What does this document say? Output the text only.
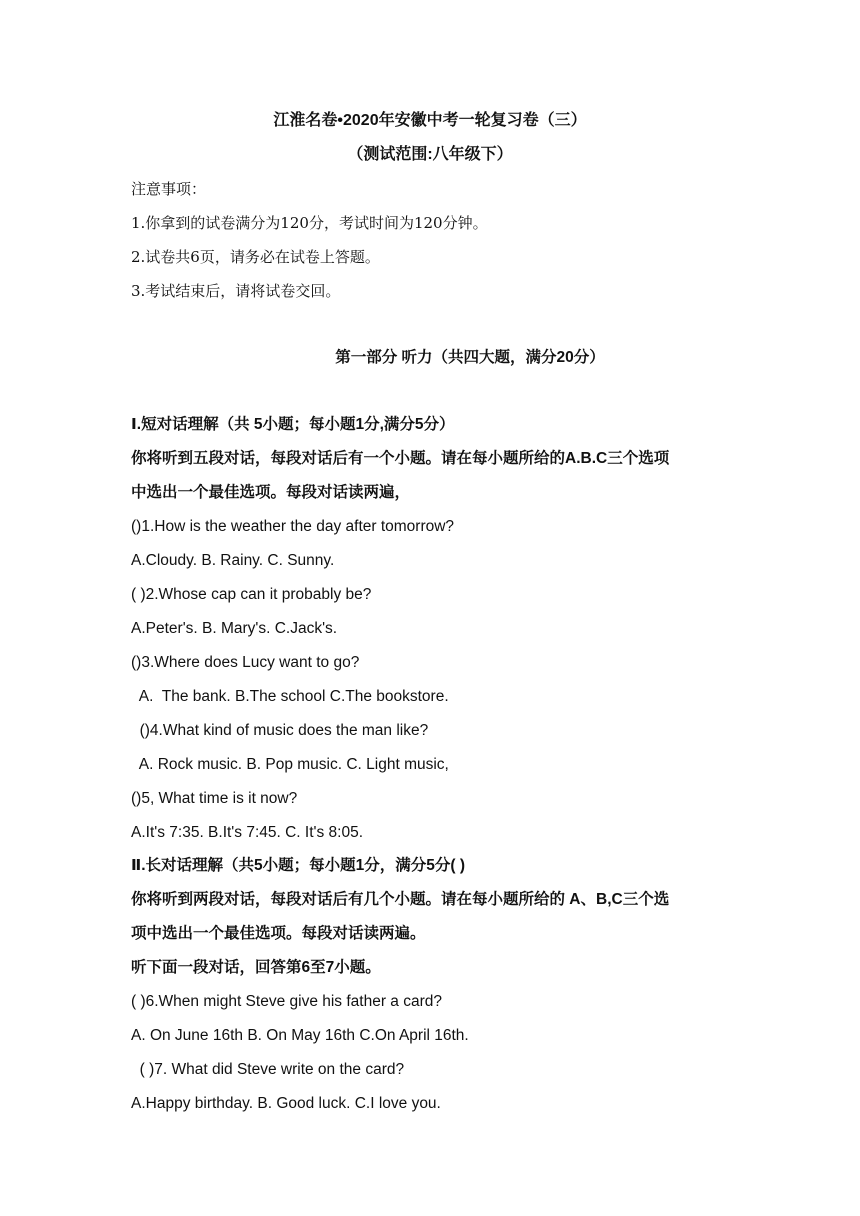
江淮名卷•2020年安徽中考一轮复习卷（三）
（测试范围:八年级下）
注意事项：
1.你拿到的试卷满分为120分，考试时间为120分钟。
2.试卷共6页，请务必在试卷上答题。
3.考试结束后，请将试卷交回。
第一部分 听力（共四大题，满分20分）
Ⅰ.短对话理解（共 5小题；每小题1分,满分5分）
你将听到五段对话，每段对话后有一个小题。请在每小题所给的A.B.C三个选项
中选出一个最佳选项。每段对话读两遍，
()1.How is the weather the day after tomorrow?
A.Cloudy. B. Rainy. C. Sunny.
( )2.Whose cap can it probably be?
A.Peter's. B. Mary's. C.Jack's.
()3.Where does Lucy want to go?
A.  The bank. B.The school C.The bookstore.
()4.What kind of music does the man like?
A. Rock music. B. Pop music. C. Light music,
()5, What time is it now?
A.It's 7:35. B.It's 7:45. C. It's 8:05.
Ⅱ.长对话理解（共5小题；每小题1分，满分5分( )
你将听到两段对话，每段对话后有几个小题。请在每小题所给的 A、B,C三个选
项中选出一个最佳选项。每段对话读两遍。
听下面一段对话，回答第6至7小题。
( )6.When might Steve give his father a card?
A. On June 16th B. On May 16th C.On April 16th.
( )7. What did Steve write on the card?
A.Happy birthday. B. Good luck. C.I love you.
